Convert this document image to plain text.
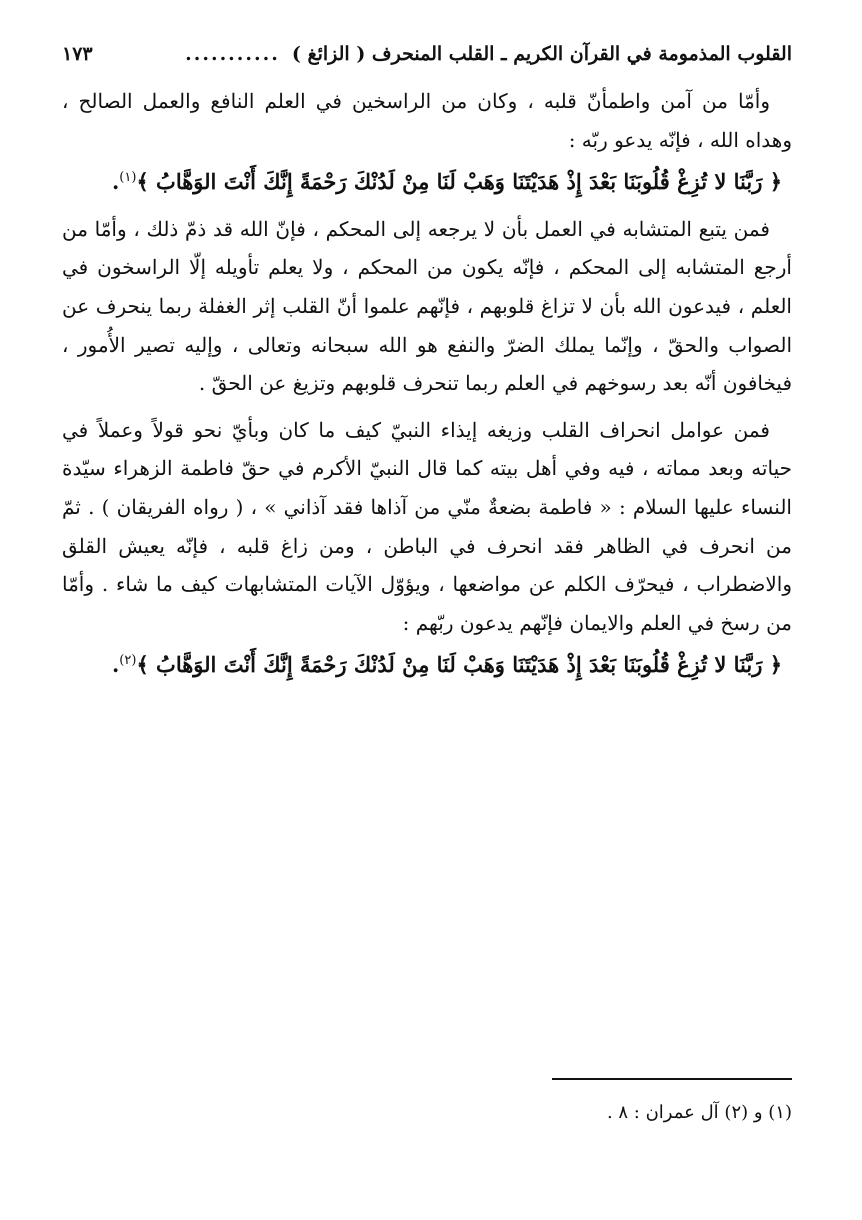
القلوب المذمومة في القرآن الكريم ـ القلب المنحرف ( الزائغ )
...........
١٧٣

وأمّا من آمن واطمأنّ قلبه ، وكان من الراسخين في العلم النافع والعمل الصالح ، وهداه الله ، فإنّه يدعو ربّه :

﴿ رَبَّنَا لا تُزِغْ قُلُوبَنَا بَعْدَ إِذْ هَدَيْتَنَا وَهَبْ لَنَا مِنْ لَدُنْكَ رَحْمَةً إِنَّكَ أَنْتَ الوَهَّابُ ﴾$^{(١)}$.

فمن يتبع المتشابه في العمل بأن لا يرجعه إلى المحكم ، فإنّ الله قد ذمّ ذلك ، وأمّا من أرجع المتشابه إلى المحكم ، فإنّه يكون من المحكم ، ولا يعلم تأويله إلّا الراسخون في العلم ، فيدعون الله بأن لا تزاغ قلوبهم ، فإنّهم علموا أنّ القلب إثر الغفلة ربما ينحرف عن الصواب والحقّ ، وإنّما يملك الضرّ والنفع هو الله سبحانه وتعالى ، وإليه تصير الأُمور ، فيخافون أنّه بعد رسوخهم في العلم ربما تنحرف قلوبهم وتزيغ عن الحقّ .

فمن عوامل انحراف القلب وزيغه إيذاء النبيّ كيف ما كان وبأيّ نحو قولاً وعملاً في حياته وبعد مماته ، فيه وفي أهل بيته كما قال النبيّ الأكرم في حقّ فاطمة الزهراء سيّدة النساء عليها السلام : « فاطمة بضعةٌ منّي من آذاها فقد آذاني » ، ( رواه الفريقان ) . ثمّ من انحرف في الظاهر فقد انحرف في الباطن ، ومن زاغ قلبه ، فإنّه يعيش القلق والاضطراب ، فيحرّف الكلم عن مواضعها ، ويؤوّل الآيات المتشابهات كيف ما شاء . وأمّا من رسخ في العلم والايمان فإنّهم يدعون ربّهم :

﴿ رَبَّنَا لا تُزِغْ قُلُوبَنَا بَعْدَ إِذْ هَدَيْتَنَا وَهَبْ لَنَا مِنْ لَدُنْكَ رَحْمَةً إِنَّكَ أَنْتَ الوَهَّابُ ﴾$^{(٢)}$.

(١) و (٢) آل عمران : ٨ .
